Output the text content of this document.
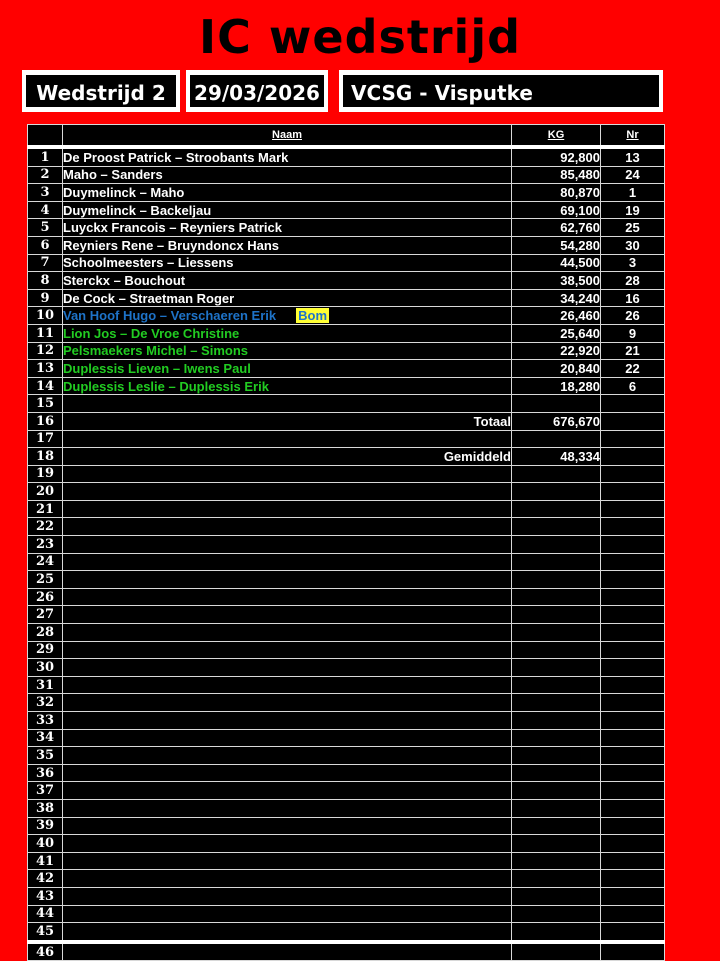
IC wedstrijd
Wedstrijd 2	29/03/2026	VCSG - Visputke
	Naam	KG	Nr
1	De Proost Patrick – Stroobants Mark	92,800	13
2	Maho – Sanders	85,480	24
3	Duymelinck – Maho	80,870	1
4	Duymelinck – Backeljau	69,100	19
5	Luyckx Francois – Reyniers Patrick	62,760	25
6	Reyniers Rene – Bruyndoncx Hans	54,280	30
7	Schoolmeesters – Liessens	44,500	3
8	Sterckx – Bouchout	38,500	28
9	De Cock – Straetman Roger	34,240	16
10	Van Hoof Hugo – Verschaeren Erik Bom	26,460	26
11	Lion Jos – De Vroe Christine	25,640	9
12	Pelsmaekers Michel – Simons	22,920	21
13	Duplessis Lieven – Iwens Paul	20,840	22
14	Duplessis Leslie – Duplessis Erik	18,280	6
15			
16	Totaal	676,670	
17			
18	Gemiddeld	48,334	
19			
20			
21			
22			
23			
24			
25			
26			
27			
28			
29			
30			
31			
32			
33			
34			
35			
36			
37			
38			
39			
40			
41			
42			
43			
44			
45			
46			
